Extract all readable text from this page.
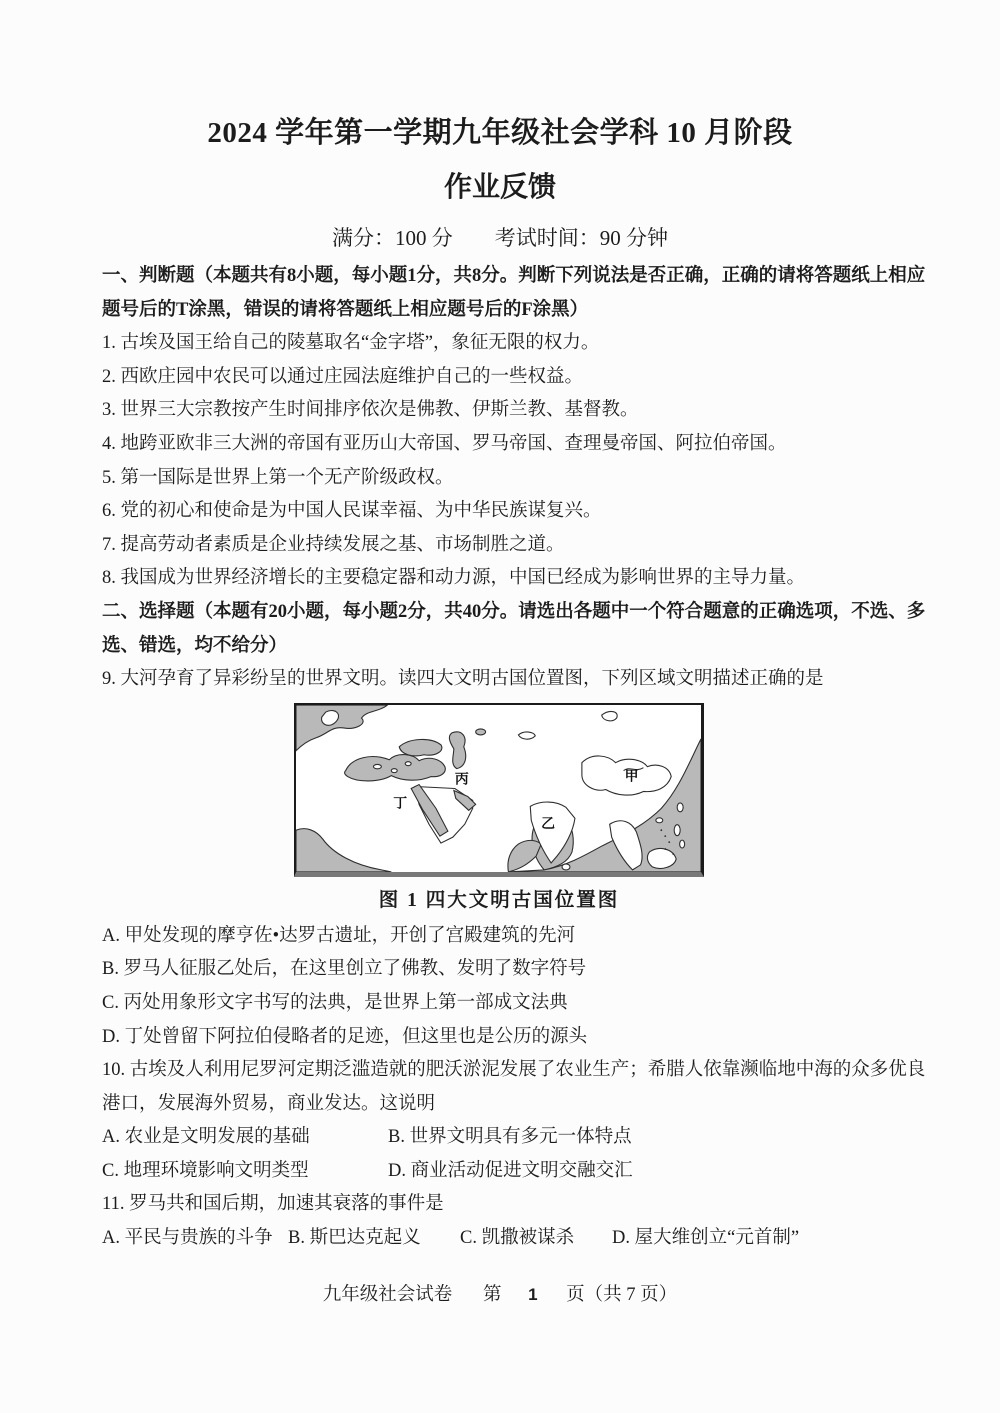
2024 学年第一学期九年级社会学科 10 月阶段
作业反馈
满分：100 分　　考试时间：90 分钟
一、判断题（本题共有8小题，每小题1分，共8分。判断下列说法是否正确，正确的请将答题纸上相应
题号后的T涂黑，错误的请将答题纸上相应题号后的F涂黑）
1. 古埃及国王给自己的陵墓取名“金字塔”，象征无限的权力。
2. 西欧庄园中农民可以通过庄园法庭维护自己的一些权益。
3. 世界三大宗教按产生时间排序依次是佛教、伊斯兰教、基督教。
4. 地跨亚欧非三大洲的帝国有亚历山大帝国、罗马帝国、查理曼帝国、阿拉伯帝国。
5. 第一国际是世界上第一个无产阶级政权。
6. 党的初心和使命是为中国人民谋幸福、为中华民族谋复兴。
7. 提高劳动者素质是企业持续发展之基、市场制胜之道。
8. 我国成为世界经济增长的主要稳定器和动力源，中国已经成为影响世界的主导力量。
二、选择题（本题有20小题，每小题2分，共40分。请选出各题中一个符合题意的正确选项，不选、多
选、错选，均不给分）
9. 大河孕育了异彩纷呈的世界文明。读四大文明古国位置图，下列区域文明描述正确的是
甲
乙
丙
丁
图 1 四大文明古国位置图
A. 甲处发现的摩亨佐•达罗古遗址，开创了宫殿建筑的先河
B. 罗马人征服乙处后，在这里创立了佛教、发明了数字符号
C. 丙处用象形文字书写的法典，是世界上第一部成文法典
D. 丁处曾留下阿拉伯侵略者的足迹，但这里也是公历的源头
10. 古埃及人利用尼罗河定期泛滥造就的肥沃淤泥发展了农业生产；希腊人依靠濒临地中海的众多优良
港口，发展海外贸易，商业发达。这说明
A. 农业是文明发展的基础	B. 世界文明具有多元一体特点
C. 地理环境影响文明类型	D. 商业活动促进文明交融交汇
11. 罗马共和国后期，加速其衰落的事件是
A. 平民与贵族的斗争 B. 斯巴达克起义	C. 凯撒被谋杀	D. 屋大维创立“元首制”
九年级社会试卷 第 1 页（共 7 页）
